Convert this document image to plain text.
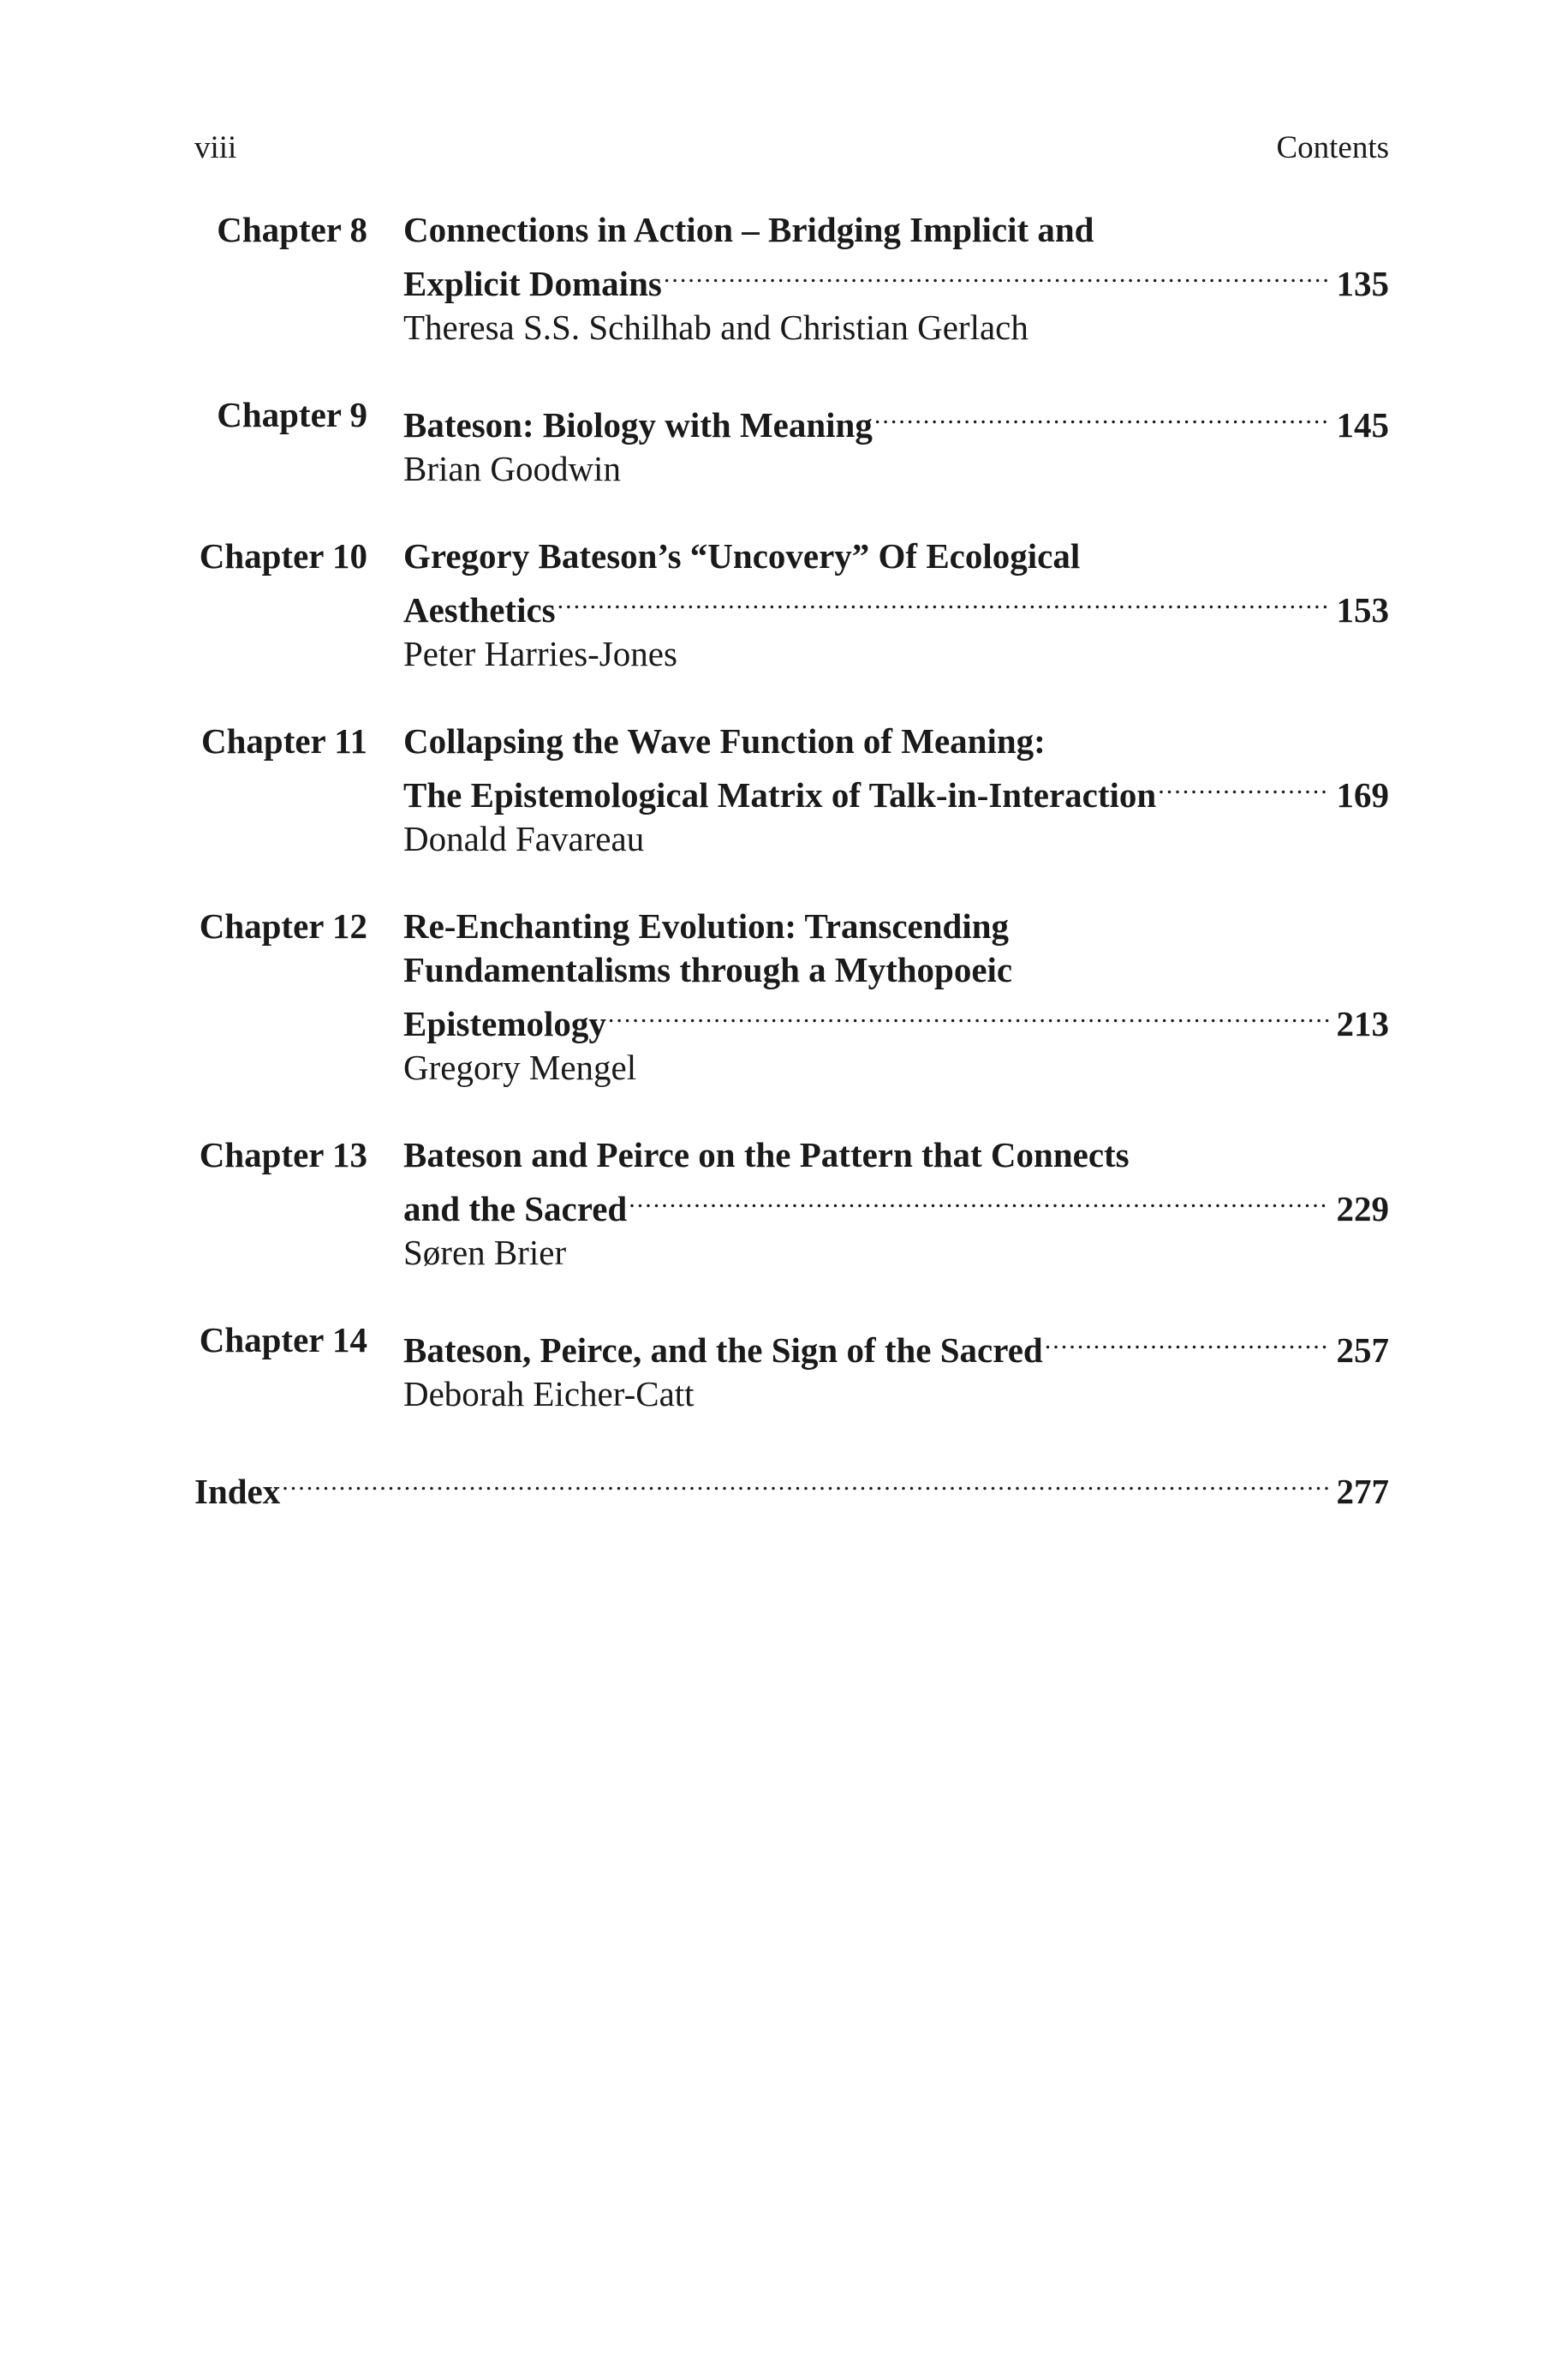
viii	Contents
Chapter 8 Connections in Action – Bridging Implicit and
Explicit Domains .....	135
Theresa S.S. Schilhab and Christian Gerlach
Chapter 9 Bateson: Biology with Meaning .....	145
Brian Goodwin
Chapter 10 Gregory Bateson’s “Uncovery” Of Ecological
Aesthetics .....	153
Peter Harries-Jones
Chapter 11 Collapsing the Wave Function of Meaning:
The Epistemological Matrix of Talk-in-Interaction .....	169
Donald Favareau
Chapter 12 Re-Enchanting Evolution: Transcending
Fundamentalisms through a Mythopoeic
Epistemology .....	213
Gregory Mengel
Chapter 13 Bateson and Peirce on the Pattern that Connects
and the Sacred .....	229
Søren Brier
Chapter 14 Bateson, Peirce, and the Sign of the Sacred .....	257
Deborah Eicher-Catt
Index .....	277
